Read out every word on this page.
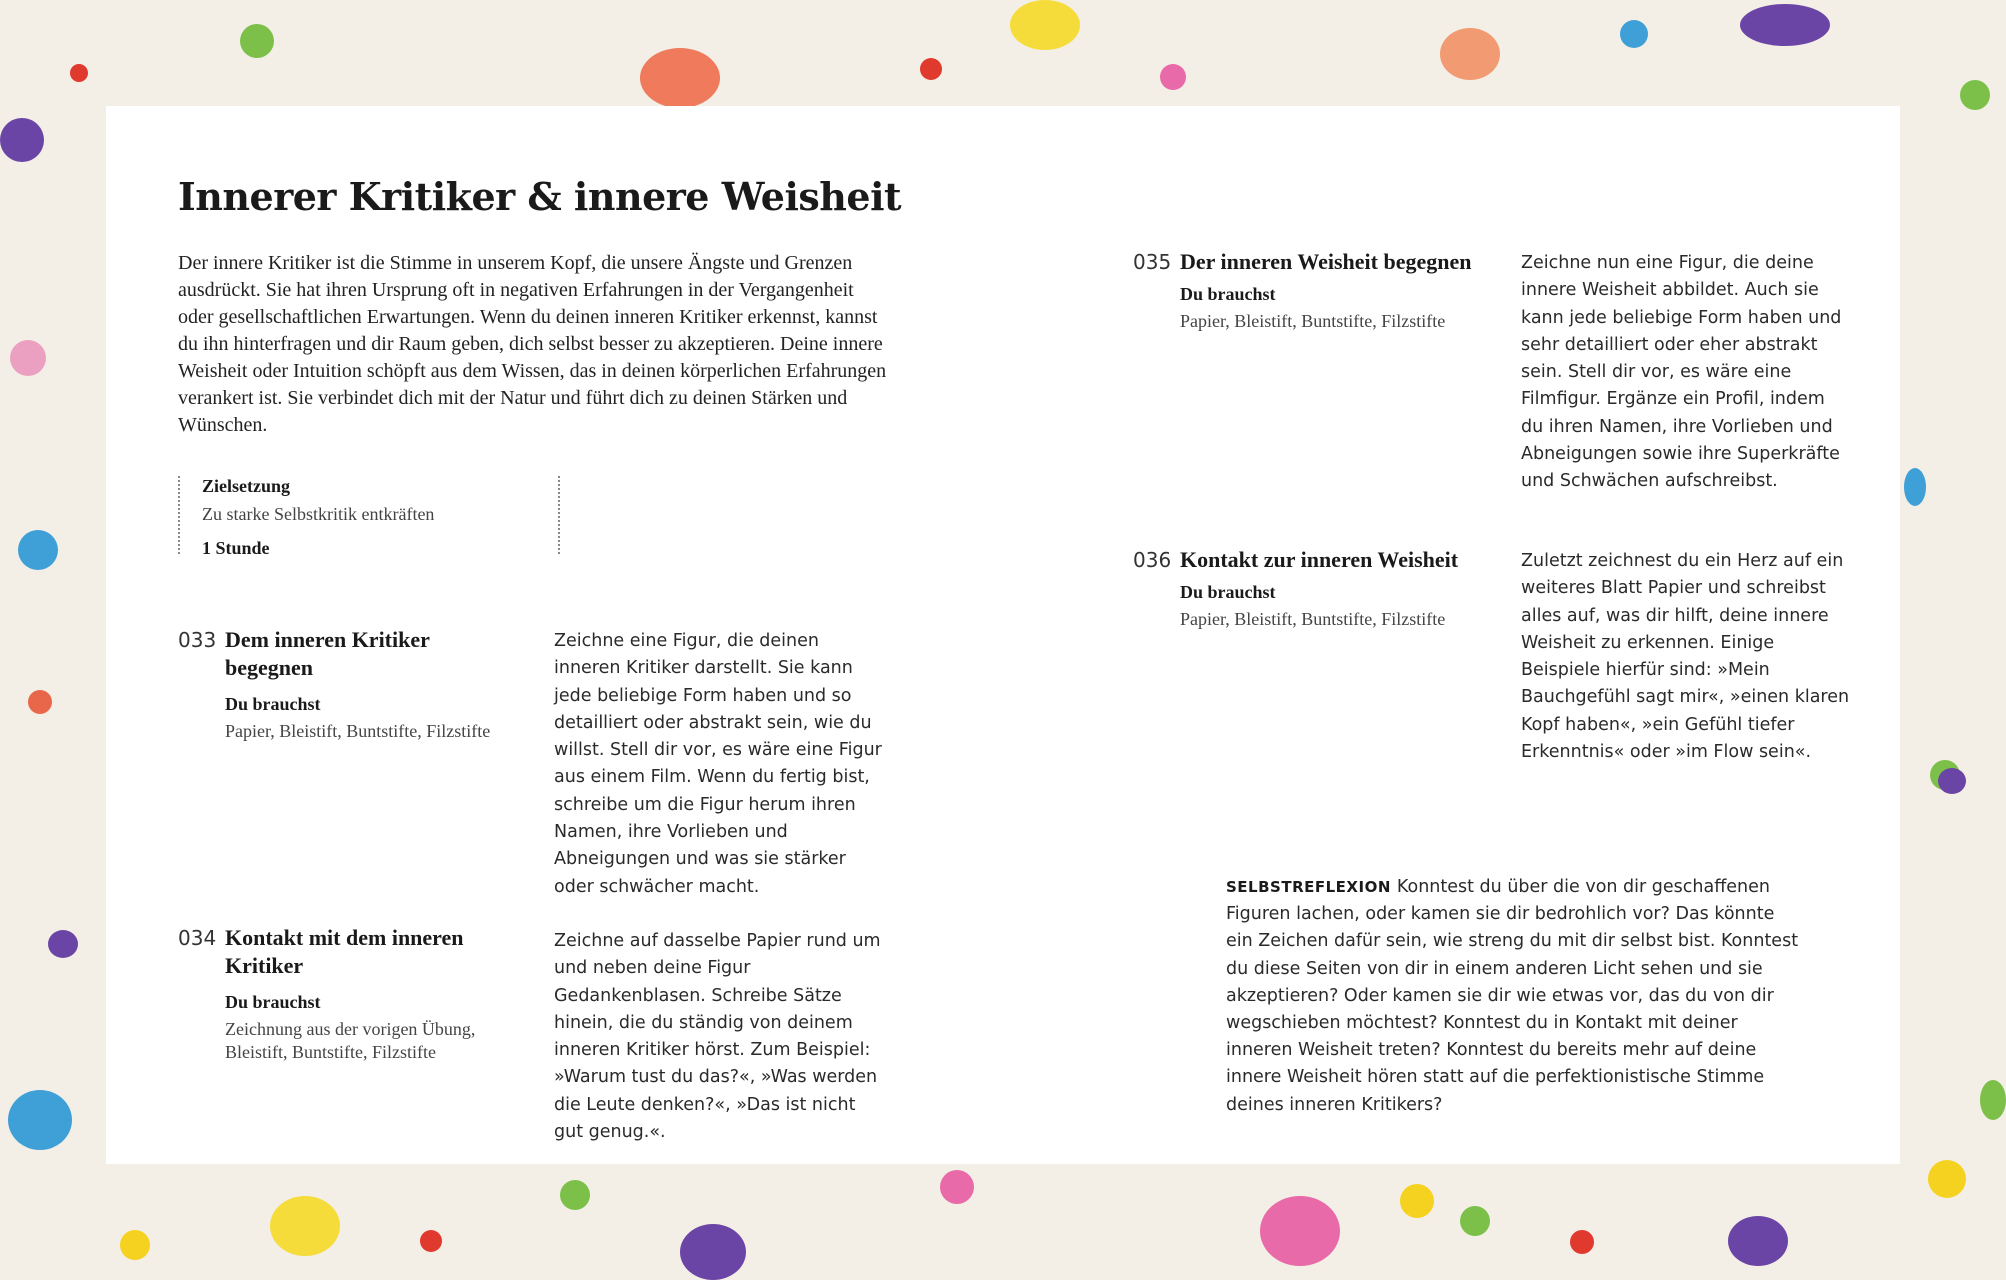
Innerer Kritiker & innere Weisheit

Der innere Kritiker ist die Stimme in unserem Kopf, die unsere Ängste und Grenzen ausdrückt. Sie hat ihren Ursprung oft in negativen Erfahrungen in der Vergangenheit oder gesellschaftlichen Erwartungen. Wenn du deinen inneren Kritiker erkennst, kannst du ihn hinterfragen und dir Raum geben, dich selbst besser zu akzeptieren. Deine innere Weisheit oder Intuition schöpft aus dem Wissen, das in deinen körperlichen Erfahrungen verankert ist. Sie verbindet dich mit der Natur und führt dich zu deinen Stärken und Wünschen.

Zielsetzung
Zu starke Selbstkritik entkräften
1 Stunde
033 Dem inneren Kritiker begegnen
Du brauchst
Papier, Bleistift, Buntstifte, Filzstifte

Zeichne eine Figur, die deinen inneren Kritiker darstellt. Sie kann jede beliebige Form haben und so detailliert oder abstrakt sein, wie du willst. Stell dir vor, es wäre eine Figur aus einem Film. Wenn du fertig bist, schreibe um die Figur herum ihren Namen, ihre Vorlieben und Abneigungen und was sie stärker oder schwächer macht.

034 Kontakt mit dem inneren Kritiker
Du brauchst
Zeichnung aus der vorigen Übung, Bleistift, Buntstifte, Filzstifte

Zeichne auf dasselbe Papier rund um und neben deine Figur Gedankenblasen. Schreibe Sätze hinein, die du ständig von deinem inneren Kritiker hörst. Zum Beispiel: »Warum tust du das?«, »Was werden die Leute denken?«, »Das ist nicht gut genug.«.

035 Der inneren Weisheit begegnen
Du brauchst
Papier, Bleistift, Buntstifte, Filzstifte

Zeichne nun eine Figur, die deine innere Weisheit abbildet. Auch sie kann jede beliebige Form haben und sehr detailliert oder eher abstrakt sein. Stell dir vor, es wäre eine Filmfigur. Ergänze ein Profil, indem du ihren Namen, ihre Vorlieben und Abneigungen sowie ihre Superkräfte und Schwächen aufschreibst.

036 Kontakt zur inneren Weisheit
Du brauchst
Papier, Bleistift, Buntstifte, Filzstifte

Zuletzt zeichnest du ein Herz auf ein weiteres Blatt Papier und schreibst alles auf, was dir hilft, deine innere Weisheit zu erkennen. Einige Beispiele hierfür sind: »Mein Bauchgefühl sagt mir«, »einen klaren Kopf haben«, »ein Gefühl tiefer Erkenntnis« oder »im Flow sein«.

SELBSTREFLEXION Konntest du über die von dir geschaffenen Figuren lachen, oder kamen sie dir bedrohlich vor? Das könnte ein Zeichen dafür sein, wie streng du mit dir selbst bist. Konntest du diese Seiten von dir in einem anderen Licht sehen und sie akzeptieren? Oder kamen sie dir wie etwas vor, das du von dir wegschieben möchtest? Konntest du in Kontakt mit deiner inneren Weisheit treten? Konntest du bereits mehr auf deine innere Weisheit hören statt auf die perfektionistische Stimme deines inneren Kritikers?
